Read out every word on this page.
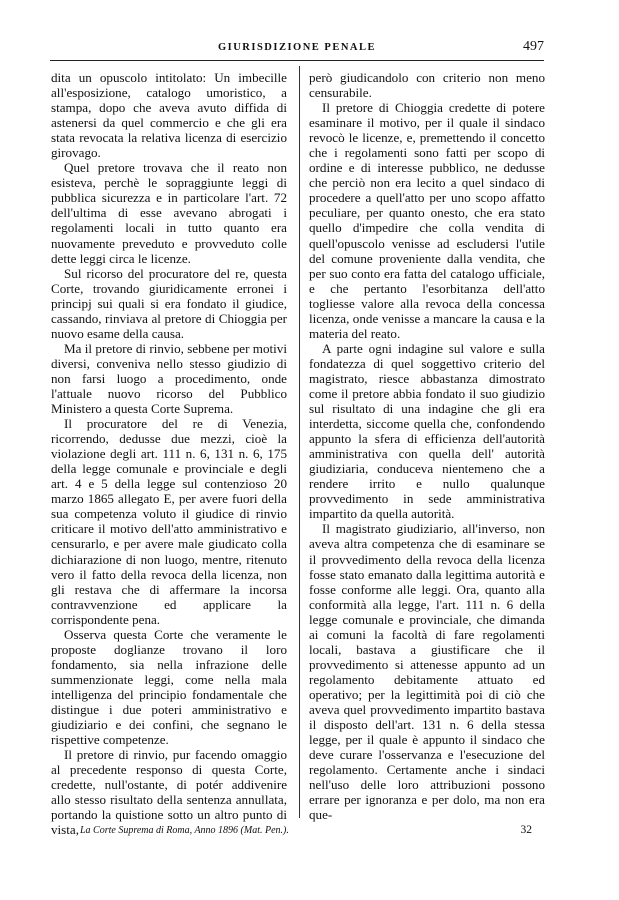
GIURISDIZIONE PENALE	497

dita un opuscolo intitolato: Un imbecille all'esposizione, catalogo umoristico, a stampa, dopo che aveva avuto diffida di astenersi da quel commercio e che gli era stata revocata la relativa licenza di esercizio girovago.

Quel pretore trovava che il reato non esisteva, perchè le sopraggiunte leggi di pubblica sicurezza e in particolare l'art. 72 dell'ultima di esse avevano abrogati i regolamenti locali in tutto quanto era nuovamente preveduto e provveduto colle dette leggi circa le licenze.

Sul ricorso del procuratore del re, questa Corte, trovando giuridicamente erronei i principj sui quali si era fondato il giudice, cassando, rinviava al pretore di Chioggia per nuovo esame della causa.

Ma il pretore di rinvio, sebbene per motivi diversi, conveniva nello stesso giudizio di non farsi luogo a procedimento, onde l'attuale nuovo ricorso del Pubblico Ministero a questa Corte Suprema.

Il procuratore del re di Venezia, ricorrendo, dedusse due mezzi, cioè la violazione degli art. 111 n. 6, 131 n. 6, 175 della legge comunale e provinciale e degli art. 4 e 5 della legge sul contenzioso 20 marzo 1865 allegato E, per avere fuori della sua competenza voluto il giudice di rinvio criticare il motivo dell'atto amministrativo e censurarlo, e per avere male giudicato colla dichiarazione di non luogo, mentre, ritenuto vero il fatto della revoca della licenza, non gli restava che di affermare la incorsa contravvenzione ed applicare la corrispondente pena.

Osserva questa Corte che veramente le proposte doglianze trovano il loro fondamento, sia nella infrazione delle summenzionate leggi, come nella mala intelligenza del principio fondamentale che distingue i due poteri amministrativo e giudiziario e dei confini, che segnano le rispettive competenze.

Il pretore di rinvio, pur facendo omaggio al precedente responso di questa Corte, credette, null'ostante, di potér addivenire allo stesso risultato della sentenza annullata, portando la quistione sotto un altro punto di vista,

però giudicandolo con criterio non meno censurabile.

Il pretore di Chioggia credette di potere esaminare il motivo, per il quale il sindaco revocò le licenze, e, premettendo il concetto che i regolamenti sono fatti per scopo di ordine e di interesse pubblico, ne dedusse che perciò non era lecito a quel sindaco di procedere a quell'atto per uno scopo affatto peculiare, per quanto onesto, che era stato quello d'impedire che colla vendita di quell'opuscolo venisse ad escludersi l'utile del comune proveniente dalla vendita, che per suo conto era fatta del catalogo ufficiale, e che pertanto l'esorbitanza dell'atto togliesse valore alla revoca della concessa licenza, onde venisse a mancare la causa e la materia del reato.

A parte ogni indagine sul valore e sulla fondatezza di quel soggettivo criterio del magistrato, riesce abbastanza dimostrato come il pretore abbia fondato il suo giudizio sul risultato di una indagine che gli era interdetta, siccome quella che, confondendo appunto la sfera di efficienza dell'autorità amministrativa con quella dell' autorità giudiziaria, conduceva nientemeno che a rendere irrito e nullo qualunque provvedimento in sede amministrativa impartito da quella autorità.

Il magistrato giudiziario, all'inverso, non aveva altra competenza che di esaminare se il provvedimento della revoca della licenza fosse stato emanato dalla legittima autorità e fosse conforme alle leggi. Ora, quanto alla conformità alla legge, l'art. 111 n. 6 della legge comunale e provinciale, che dimanda ai comuni la facoltà di fare regolamenti locali, bastava a giustificare che il provvedimento si attenesse appunto ad un regolamento debitamente attuato ed operativo; per la legittimità poi di ciò che aveva quel provvedimento impartito bastava il disposto dell'art. 131 n. 6 della stessa legge, per il quale è appunto il sindaco che deve curare l'osservanza e l'esecuzione del regolamento. Certamente anche i sindaci nell'uso delle loro attribuzioni possono errare per ignoranza e per dolo, ma non era que-

La Corte Suprema di Roma, Anno 1896 (Mat. Pen.).	32
